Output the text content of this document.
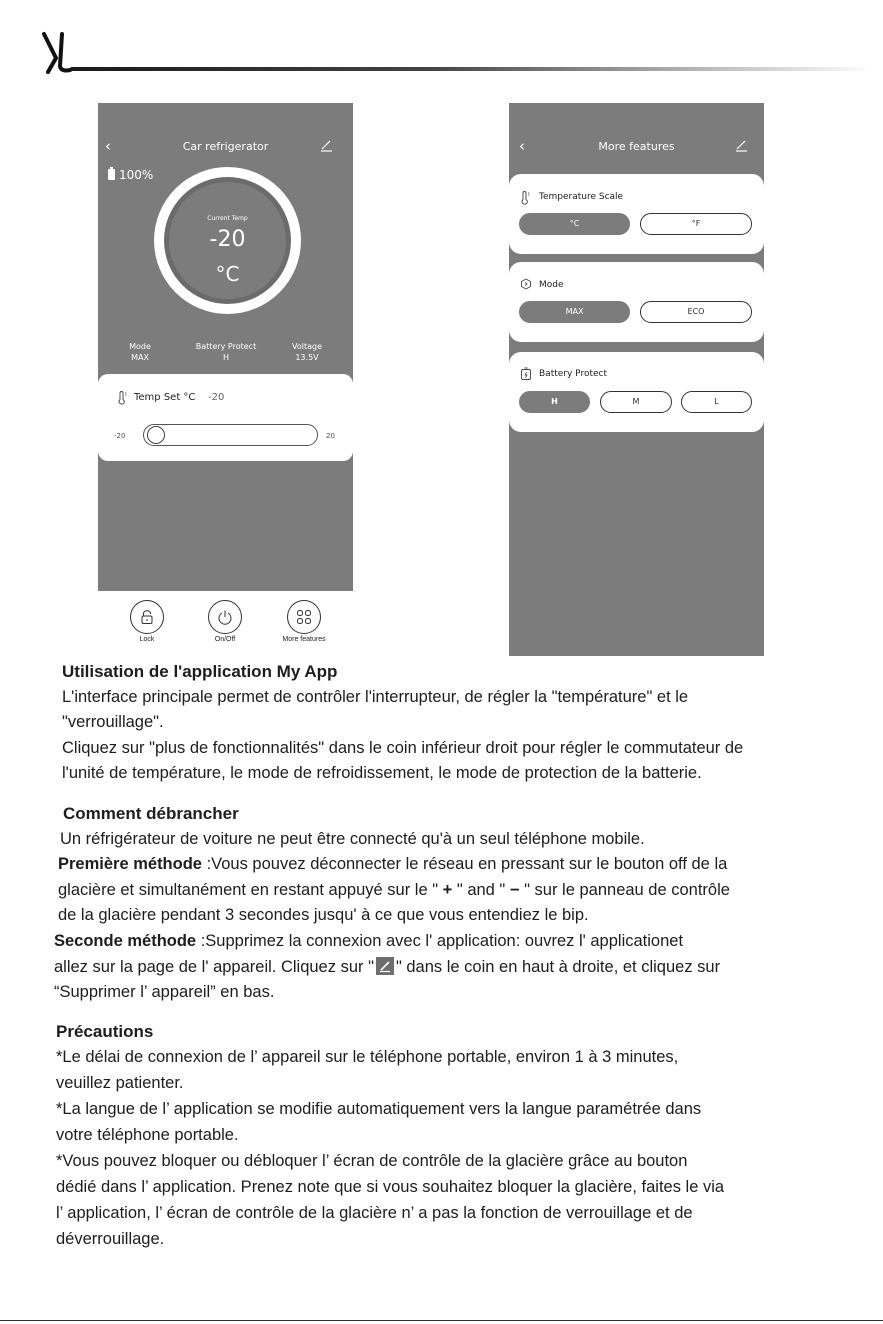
‹	Car refrigerator
100%
Current Temp
-20
°C
Mode
MAX
Battery Protect
H
Voltage
13.5V
Temp Set °C -20
-20	20
Lock	On/Off	More features
‹	More features
Temperature Scale
°C	°F
Mode
MAX	ECO
Battery Protect
H	M	L
Utilisation de l'application My App
L'interface principale permet de contrôler l'interrupteur, de régler la "température" et le
"verrouillage".
Cliquez sur "plus de fonctionnalités" dans le coin inférieur droit pour régler le commutateur de
l'unité de température, le mode de refroidissement, le mode de protection de la batterie.
Comment débrancher
Un réfrigérateur de voiture ne peut être connecté qu'à un seul téléphone mobile.
Première méthode :Vous pouvez déconnecter le réseau en pressant sur le bouton off de la
glacière et simultanément en restant appuyé sur le " + " and " − " sur le panneau de contrôle
de la glacière pendant 3 secondes jusqu' à ce que vous entendiez le bip.
Seconde méthode :Supprimez la connexion avec l' application: ouvrez l' applicationet
allez sur la page de l' appareil. Cliquez sur " " dans le coin en haut à droite, et cliquez sur
“Supprimer l’ appareil” en bas.
Précautions
*Le délai de connexion de l’ appareil sur le téléphone portable, environ 1 à 3 minutes,
veuillez patienter.
*La langue de l’ application se modifie automatiquement vers la langue paramétrée dans
votre téléphone portable.
*Vous pouvez bloquer ou débloquer l’ écran de contrôle de la glacière grâce au bouton
dédié dans l’ application. Prenez note que si vous souhaitez bloquer la glacière, faites le via
l’ application, l’ écran de contrôle de la glacière n’ a pas la fonction de verrouillage et de
déverrouillage.
